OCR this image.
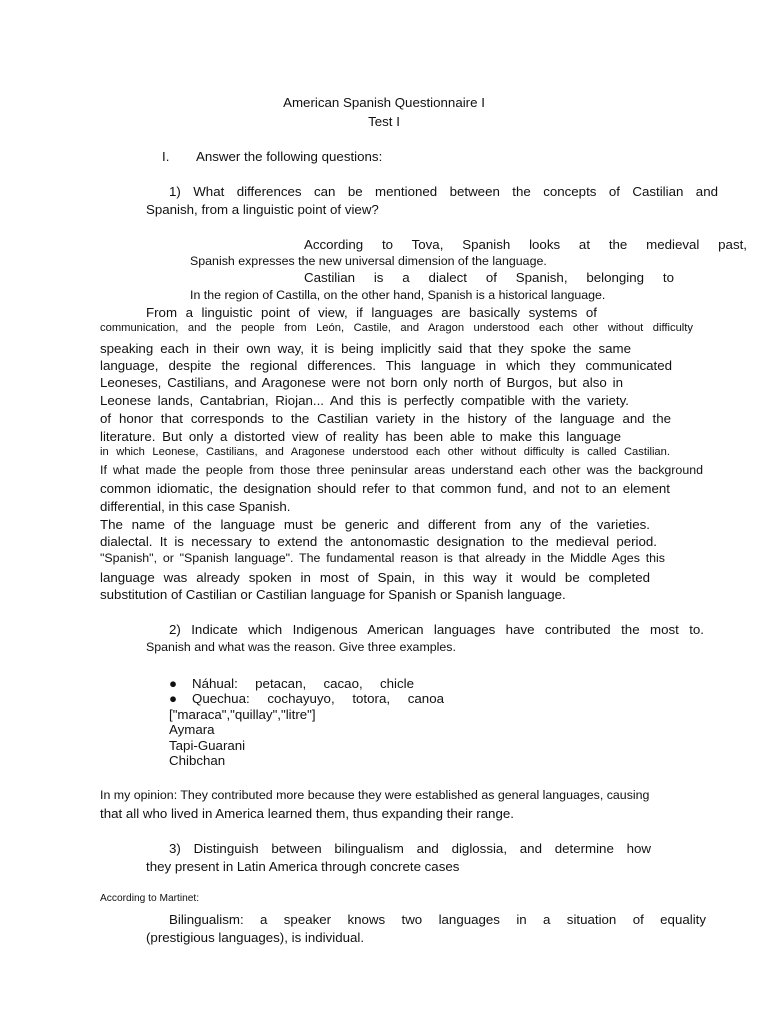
American Spanish Questionnaire I
Test I
I. Answer the following questions:
1) What differences can be mentioned between the concepts of Castilian and
Spanish, from a linguistic point of view?
According to Tova, Spanish looks at the medieval past,
Spanish expresses the new universal dimension of the language.
Castilian is a dialect of Spanish, belonging to
In the region of Castilla, on the other hand, Spanish is a historical language.
From a linguistic point of view, if languages are basically systems of
communication, and the people from León, Castile, and Aragon understood each other without difficulty
speaking each in their own way, it is being implicitly said that they spoke the same
language, despite the regional differences. This language in which they communicated
Leoneses, Castilians, and Aragonese were not born only north of Burgos, but also in
Leonese lands, Cantabrian, Riojan... And this is perfectly compatible with the variety.
of honor that corresponds to the Castilian variety in the history of the language and the
literature. But only a distorted view of reality has been able to make this language
in which Leonese, Castilians, and Aragonese understood each other without difficulty is called Castilian.
If what made the people from those three peninsular areas understand each other was the background
common idiomatic, the designation should refer to that common fund, and not to an element
differential, in this case Spanish.
The name of the language must be generic and different from any of the varieties.
dialectal. It is necessary to extend the antonomastic designation to the medieval period.
"Spanish", or "Spanish language". The fundamental reason is that already in the Middle Ages this
language was already spoken in most of Spain, in this way it would be completed
substitution of Castilian or Castilian language for Spanish or Spanish language.
2) Indicate which Indigenous American languages have contributed the most to.
Spanish and what was the reason. Give three examples.
● Náhual: petacan, cacao, chicle
● Quechua: cochayuyo, totora, canoa
["maraca","quillay","litre"]
Aymara
Tapi-Guarani
Chibchan
In my opinion: They contributed more because they were established as general languages, causing
that all who lived in America learned them, thus expanding their range.
3) Distinguish between bilingualism and diglossia, and determine how
they present in Latin America through concrete cases
According to Martinet:
Bilingualism: a speaker knows two languages in a situation of equality
(prestigious languages), is individual.
